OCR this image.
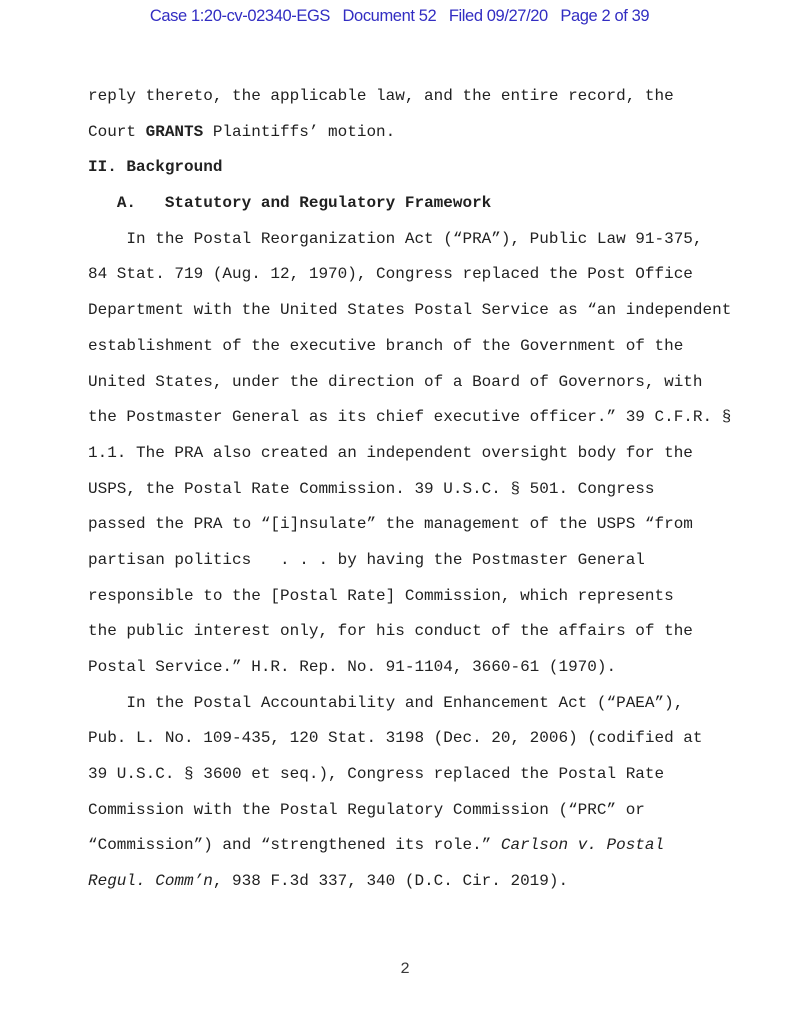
Case 1:20-cv-02340-EGS   Document 52   Filed 09/27/20   Page 2 of 39
reply thereto, the applicable law, and the entire record, the
Court GRANTS Plaintiffs’ motion.
II. Background
A.   Statutory and Regulatory Framework
In the Postal Reorganization Act (“PRA”), Public Law 91-375,
84 Stat. 719 (Aug. 12, 1970), Congress replaced the Post Office
Department with the United States Postal Service as “an independent
establishment of the executive branch of the Government of the
United States, under the direction of a Board of Governors, with
the Postmaster General as its chief executive officer.” 39 C.F.R. §
1.1. The PRA also created an independent oversight body for the
USPS, the Postal Rate Commission. 39 U.S.C. § 501. Congress
passed the PRA to “[i]nsulate” the management of the USPS “from
partisan politics   . . . by having the Postmaster General
responsible to the [Postal Rate] Commission, which represents
the public interest only, for his conduct of the affairs of the
Postal Service.” H.R. Rep. No. 91-1104, 3660-61 (1970).
In the Postal Accountability and Enhancement Act (“PAEA”),
Pub. L. No. 109-435, 120 Stat. 3198 (Dec. 20, 2006) (codified at
39 U.S.C. § 3600 et seq.), Congress replaced the Postal Rate
Commission with the Postal Regulatory Commission (“PRC” or
“Commission”) and “strengthened its role.” Carlson v. Postal
Regul. Comm’n, 938 F.3d 337, 340 (D.C. Cir. 2019).
2
